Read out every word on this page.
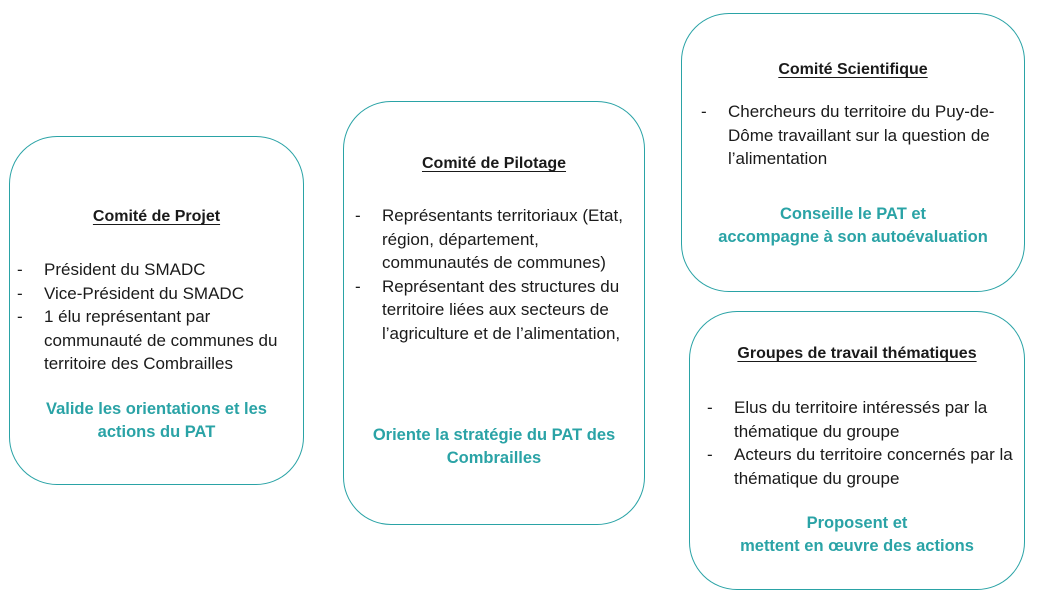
Comité de Projet

- Président du SMADC
- Vice-Président du SMADC
- 1 élu représentant par communauté de communes du territoire des Combrailles

Valide les orientations et les
actions du PAT

Comité de Pilotage

- Représentants territoriaux (Etat, région, département, communautés de communes)
- Représentant des structures du territoire liées aux secteurs de l’agriculture et de l’alimentation,

Oriente la stratégie du PAT des
Combrailles

Comité Scientifique

- Chercheurs du territoire du Puy-de-Dôme travaillant sur la question de l’alimentation

Conseille le PAT et
accompagne à son autoévaluation

Groupes de travail thématiques

- Elus du territoire intéressés par la thématique du groupe
- Acteurs du territoire concernés par la thématique du groupe

Proposent et
mettent en œuvre des actions
